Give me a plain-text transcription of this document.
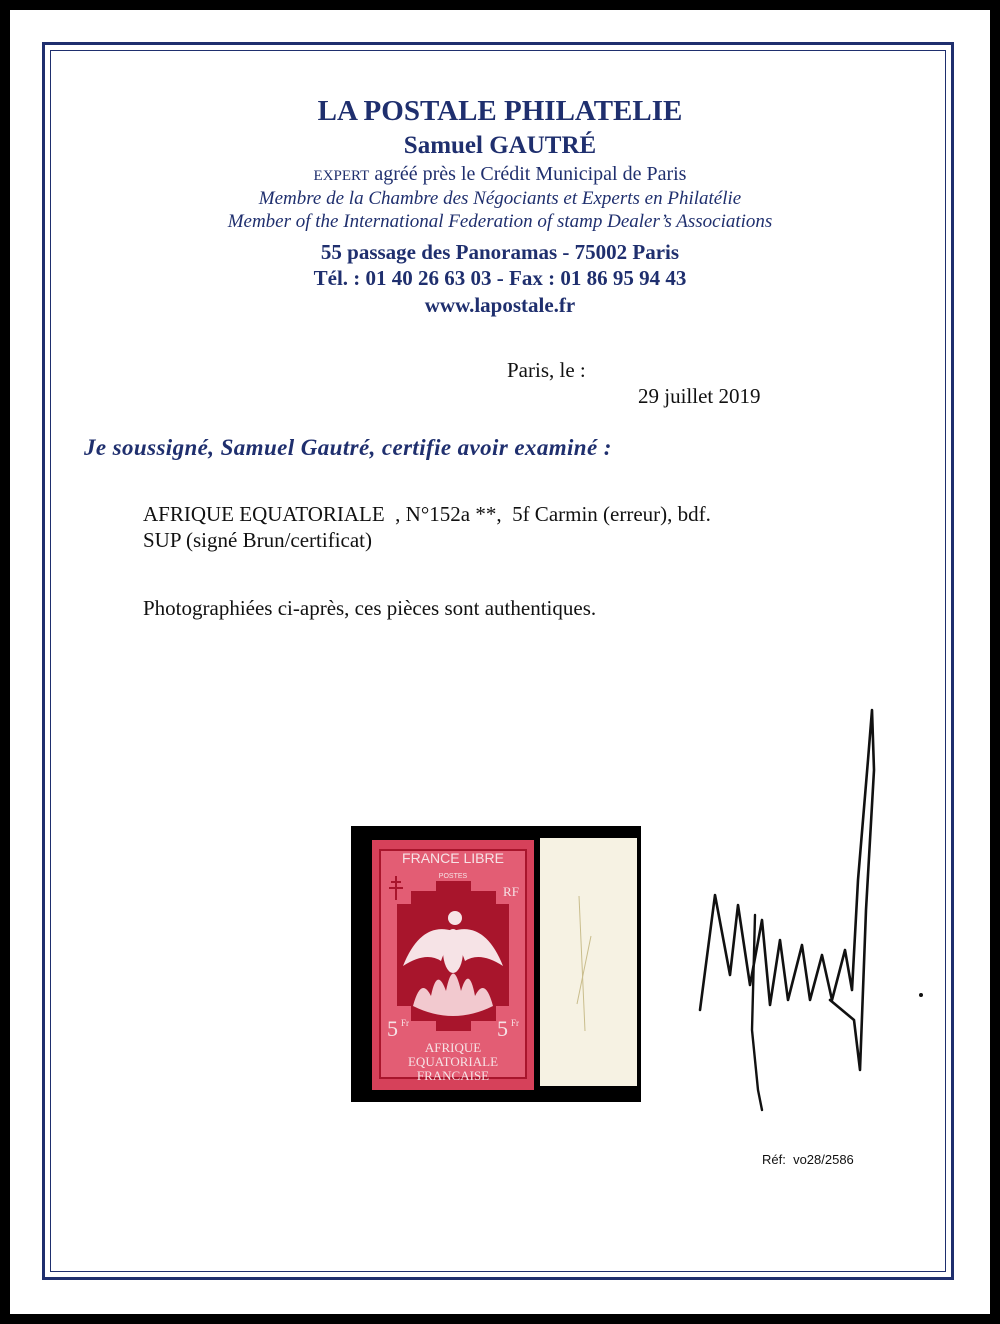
LA POSTALE PHILATELIE
Samuel GAUTRÉ
EXPERT agréé près le Crédit Municipal de Paris
Membre de la Chambre des Négociants et Experts en Philatélie
Member of the International Federation of stamp Dealer’s Associations
55 passage des Panoramas - 75002 Paris
Tél. : 01 40 26 63 03 - Fax : 01 86 95 94 43
www.lapostale.fr
Paris, le :
29 juillet 2019
Je soussigné, Samuel Gautré, certifie avoir examiné :
AFRIQUE EQUATORIALE  , N°152a **,  5f Carmin (erreur), bdf.
SUP (signé Brun/certificat)
Photographiées ci-après, ces pièces sont authentiques.
FRANCE LIBRE
POSTES
RF
5 Fr	5 Fr
AFRIQUE
EQUATORIALE
FRANCAISE
Réf:  vo28/2586
